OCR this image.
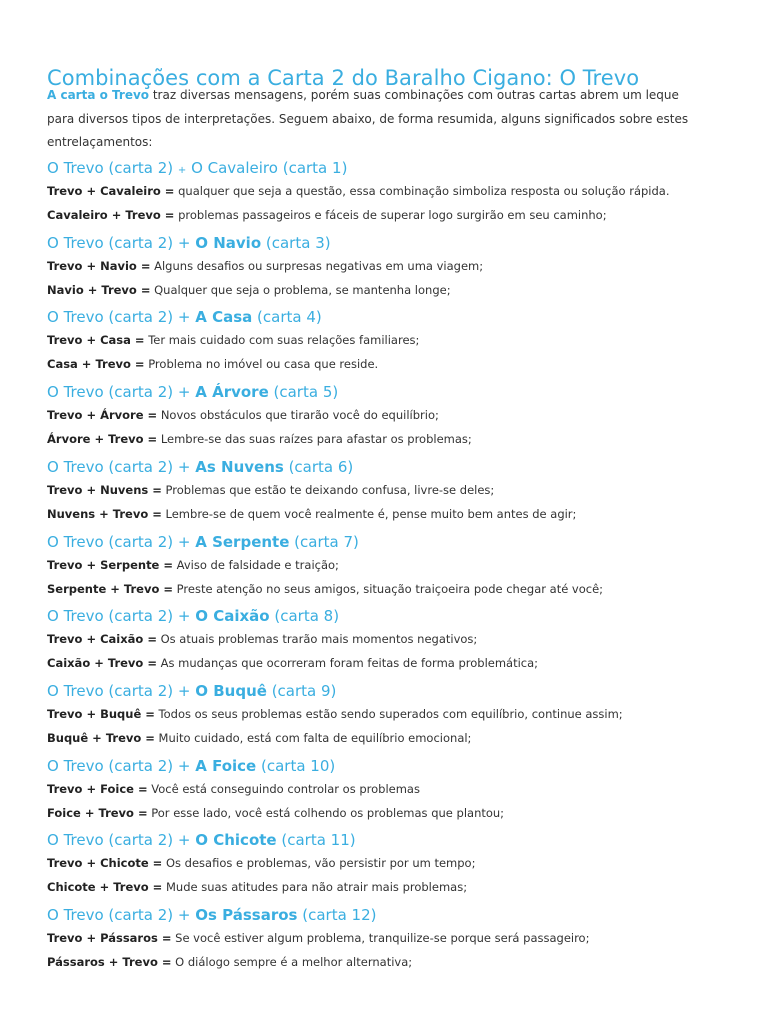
Combinações com a Carta 2 do Baralho Cigano: O Trevo
A carta o Trevo traz diversas mensagens, porém suas combinações com outras cartas abrem um leque para diversos tipos de interpretações. Seguem abaixo, de forma resumida, alguns significados sobre estes entrelaçamentos:
O Trevo (carta 2) + O Cavaleiro (carta 1)
Trevo + Cavaleiro = qualquer que seja a questão, essa combinação simboliza resposta ou solução rápida.
Cavaleiro + Trevo = problemas passageiros e fáceis de superar logo surgirão em seu caminho;
O Trevo (carta 2) + O Navio (carta 3)
Trevo + Navio = Alguns desafios ou surpresas negativas em uma viagem;
Navio + Trevo = Qualquer que seja o problema, se mantenha longe;
O Trevo (carta 2) + A Casa (carta 4)
Trevo + Casa = Ter mais cuidado com suas relações familiares;
Casa + Trevo = Problema no imóvel ou casa que reside.
O Trevo (carta 2) + A Árvore (carta 5)
Trevo + Árvore = Novos obstáculos que tirarão você do equilíbrio;
Árvore + Trevo = Lembre-se das suas raízes para afastar os problemas;
O Trevo (carta 2) + As Nuvens (carta 6)
Trevo + Nuvens = Problemas que estão te deixando confusa, livre-se deles;
Nuvens + Trevo = Lembre-se de quem você realmente é, pense muito bem antes de agir;
O Trevo (carta 2) + A Serpente (carta 7)
Trevo + Serpente = Aviso de falsidade e traição;
Serpente + Trevo = Preste atenção no seus amigos, situação traiçoeira pode chegar até você;
O Trevo (carta 2) + O Caixão (carta 8)
Trevo + Caixão = Os atuais problemas trarão mais momentos negativos;
Caixão + Trevo = As mudanças que ocorreram foram feitas de forma problemática;
O Trevo (carta 2) + O Buquê (carta 9)
Trevo + Buquê = Todos os seus problemas estão sendo superados com equilíbrio, continue assim;
Buquê + Trevo = Muito cuidado, está com falta de equilíbrio emocional;
O Trevo (carta 2) + A Foice (carta 10)
Trevo + Foice = Você está conseguindo controlar os problemas
Foice + Trevo = Por esse lado, você está colhendo os problemas que plantou;
O Trevo (carta 2) + O Chicote (carta 11)
Trevo + Chicote = Os desafios e problemas, vão persistir por um tempo;
Chicote + Trevo = Mude suas atitudes para não atrair mais problemas;
O Trevo (carta 2) + Os Pássaros (carta 12)
Trevo + Pássaros = Se você estiver algum problema, tranquilize-se porque será passageiro;
Pássaros + Trevo = O diálogo sempre é a melhor alternativa;
